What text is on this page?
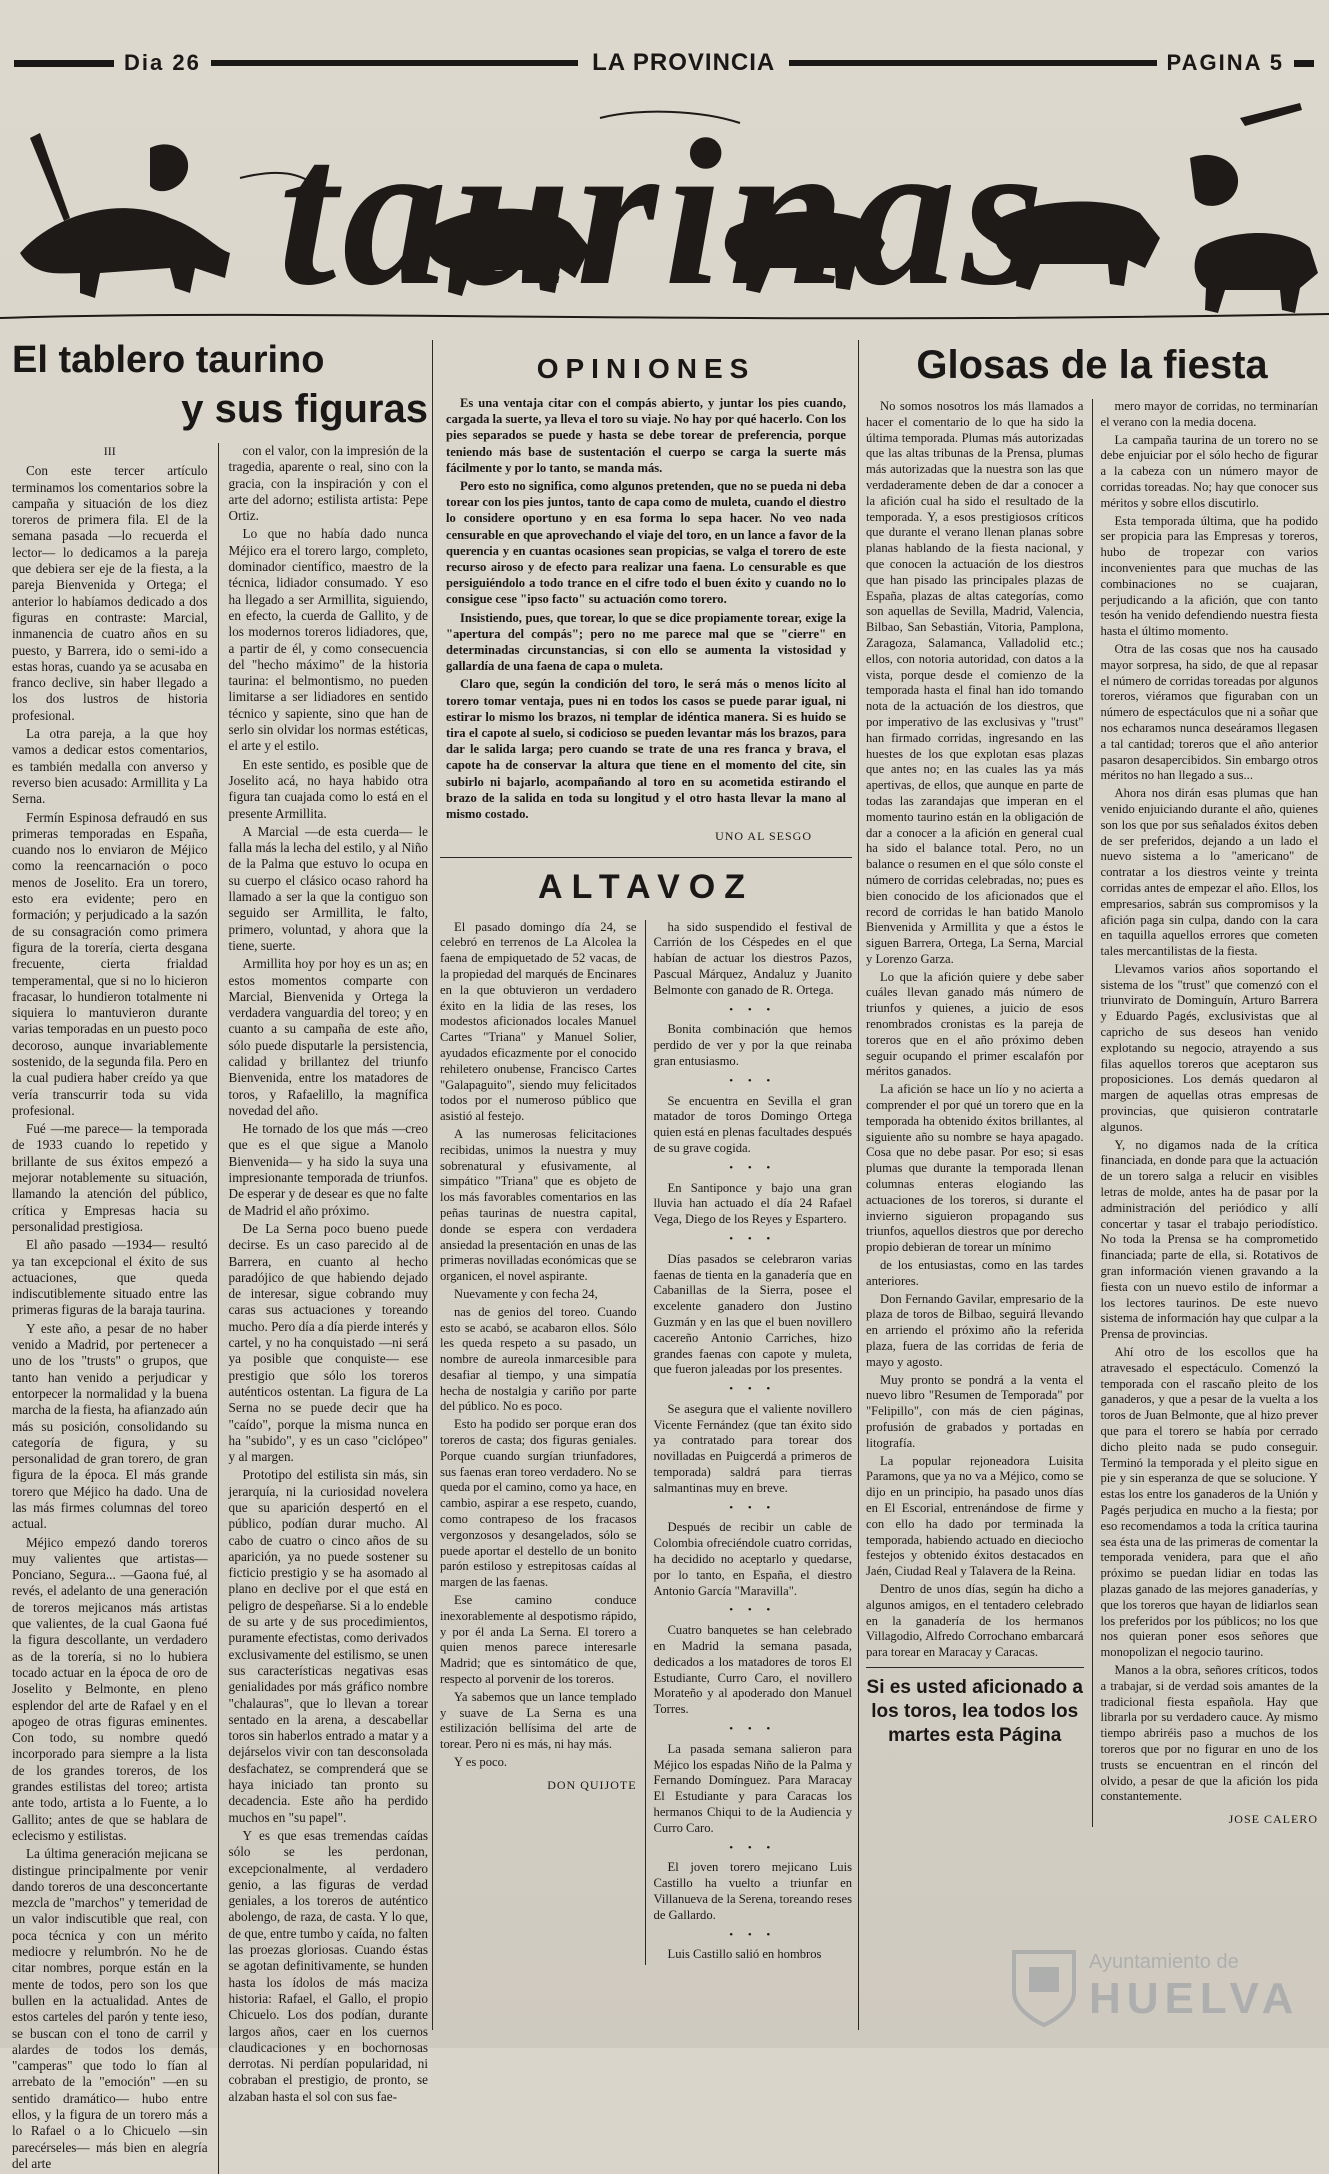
Dia 26	LA PROVINCIA	PAGINA 5
taurinas
El tablero taurino
y sus figuras
III

Con este tercer artículo terminamos los comentarios sobre la campaña y situación de los diez toreros de primera fila. El de la semana pasada —lo recuerda el lector— lo dedicamos a la pareja que debiera ser eje de la fiesta, a la pareja Bienvenida y Ortega; el anterior lo habíamos dedicado a dos figuras en contraste: Marcial, inmanencia de cuatro años en su puesto, y Barrera, ido o semi-ido a estas horas, cuando ya se acusaba en franco declive, sin haber llegado a los dos lustros de historia profesional.

La otra pareja, a la que hoy vamos a dedicar estos comentarios, es también medalla con anverso y reverso bien acusado: Armillita y La Serna.

Fermín Espinosa defraudó en sus primeras temporadas en España, cuando nos lo enviaron de Méjico como la reencarnación o poco menos de Joselito. Era un torero, esto era evidente; pero en formación; y perjudicado a la sazón de su consagración como primera figura de la torería, cierta desgana frecuente, cierta frialdad temperamental, que si no lo hicieron fracasar, lo hundieron totalmente ni siquiera lo mantuvieron durante varias temporadas en un puesto poco decoroso, aunque invariablemente sostenido, de la segunda fila. Pero en la cual pudiera haber creído ya que vería transcurrir toda su vida profesional.

Fué —me parece— la temporada de 1933 cuando lo repetido y brillante de sus éxitos empezó a mejorar notablemente su situación, llamando la atención del público, crítica y Empresas hacia su personalidad prestigiosa.

El año pasado —1934— resultó ya tan excepcional el éxito de sus actuaciones, que queda indiscutiblemente situado entre las primeras figuras de la baraja taurina.

Y este año, a pesar de no haber venido a Madrid, por pertenecer a uno de los "trusts" o grupos, que tanto han venido a perjudicar y entorpecer la normalidad y la buena marcha de la fiesta, ha afianzado aún más su posición, consolidando su categoría de figura, y su personalidad de gran torero, de gran figura de la época. El más grande torero que Méjico ha dado. Una de las más firmes columnas del toreo actual.

Méjico empezó dando toreros muy valientes que artistas—Ponciano, Segura... —Gaona fué, al revés, el adelanto de una generación de toreros mejicanos más artistas que valientes, de la cual Gaona fué la figura descollante, un verdadero as de la torería, si no lo hubiera tocado actuar en la época de oro de Joselito y Belmonte, en pleno esplendor del arte de Rafael y en el apogeo de otras figuras eminentes. Con todo, su nombre quedó incorporado para siempre a la lista de los grandes toreros, de los grandes estilistas del toreo; artista ante todo, artista a lo Fuente, a lo Gallito; antes de que se hablara de eclecismo y estilistas.

La última generación mejicana se distingue principalmente por venir dando toreros de una desconcertante mezcla de "marchos" y temeridad de un valor indiscutible que real, con poca técnica y con un mérito mediocre y relumbrón. No he de citar nombres, porque están en la mente de todos, pero son los que bullen en la actualidad. Antes de estos carteles del parón y tente ieso, se buscan con el tono de carril y alardes de todos los demás, "camperas" que todo lo fían al arrebato de la "emoción" —en su sentido dramático— hubo entre ellos, y la figura de un torero más a lo Rafael o a lo Chicuelo —sin parecérseles— más bien en alegría del arte

con el valor, con la impresión de la tragedia, aparente o real, sino con la gracia, con la inspiración y con el arte del adorno; estilista artista: Pepe Ortiz.

Lo que no había dado nunca Méjico era el torero largo, completo, dominador científico, maestro de la técnica, lidiador consumado. Y eso ha llegado a ser Armillita, siguiendo, en efecto, la cuerda de Gallito, y de los modernos toreros lidiadores, que, a partir de él, y como consecuencia del "hecho máximo" de la historia taurina: el belmontismo, no pueden limitarse a ser lidiadores en sentido técnico y sapiente, sino que han de serlo sin olvidar los normas estéticas, el arte y el estilo.

En este sentido, es posible que de Joselito acá, no haya habido otra figura tan cuajada como lo está en el presente Armillita.

A Marcial —de esta cuerda— le falla más la lecha del estilo, y al Niño de la Palma que estuvo lo ocupa en su cuerpo el clásico ocaso rahord ha llamado a ser la que la contiguo son seguido ser Armillita, le falto, primero, voluntad, y ahora que la tiene, suerte.

Armillita hoy por hoy es un as; en estos momentos comparte con Marcial, Bienvenida y Ortega la verdadera vanguardia del toreo; y en cuanto a su campaña de este año, sólo puede disputarle la persistencia, calidad y brillantez del triunfo Bienvenida, entre los matadores de toros, y Rafaelillo, la magnífica novedad del año.

He tornado de los que más —creo que es el que sigue a Manolo Bienvenida— y ha sido la suya una impresionante temporada de triunfos. De esperar y de desear es que no falte de Madrid el año próximo.

De La Serna poco bueno puede decirse. Es un caso parecido al de Barrera, en cuanto al hecho paradójico de que habiendo dejado de interesar, sigue cobrando muy caras sus actuaciones y toreando mucho. Pero día a día pierde interés y cartel, y no ha conquistado —ni será ya posible que conquiste— ese prestigio que sólo los toreros auténticos ostentan. La figura de La Serna no se puede decir que ha "caído", porque la misma nunca en ha "subido", y es un caso "ciclópeo" y al margen.

Prototipo del estilista sin más, sin jerarquía, ni la curiosidad novelera que su aparición despertó en el público, podían durar mucho. Al cabo de cuatro o cinco años de su aparición, ya no puede sostener su ficticio prestigio y se ha asomado al plano en declive por el que está en peligro de despeñarse. Si a lo endeble de su arte y de sus procedimientos, puramente efectistas, como derivados exclusivamente del estilismo, se unen sus características negativas esas genialidades por más gráfico nombre "chalauras", que lo llevan a torear sentado en la arena, a descabellar toros sin haberlos entrado a matar y a dejárselos vivir con tan desconsolada desfachatez, se comprenderá que se haya iniciado tan pronto su decadencia. Este año ha perdido muchos en "su papel".

Y es que esas tremendas caídas sólo se les perdonan, excepcionalmente, al verdadero genio, a las figuras de verdad geniales, a los toreros de auténtico abolengo, de raza, de casta. Y lo que, de que, entre tumbo y caída, no falten las proezas gloriosas. Cuando éstas se agotan definitivamente, se hunden hasta los ídolos de más maciza historia: Rafael, el Gallo, el propio Chicuelo. Los dos podían, durante largos años, caer en los cuernos claudicaciones y en bochornosas derrotas. Ni perdían popularidad, ni cobraban el prestigio, de pronto, se alzaban hasta el sol con sus fae-

OPINIONES

Es una ventaja citar con el compás abierto, y juntar los pies cuando, cargada la suerte, ya lleva el toro su viaje. No hay por qué hacerlo. Con los pies separados se puede y hasta se debe torear de preferencia, porque teniendo más base de sustentación el cuerpo se carga la suerte más fácilmente y por lo tanto, se manda más.

Pero esto no significa, como algunos pretenden, que no se pueda ni deba torear con los pies juntos, tanto de capa como de muleta, cuando el diestro lo considere oportuno y en esa forma lo sepa hacer. No veo nada censurable en que aprovechando el viaje del toro, en un lance a favor de la querencia y en cuantas ocasiones sean propicias, se valga el torero de este recurso airoso y de efecto para realizar una faena. Lo censurable es que persiguiéndolo a todo trance en el cifre todo el buen éxito y cuando no lo consigue cese "ipso facto" su actuación como torero.

Insistiendo, pues, que torear, lo que se dice propiamente torear, exige la "apertura del compás"; pero no me parece mal que se "cierre" en determinadas circunstancias, si con ello se aumenta la vistosidad y gallardía de una faena de capa o muleta.

Claro que, según la condición del toro, le será más o menos lícito al torero tomar ventaja, pues ni en todos los casos se puede parar igual, ni estirar lo mismo los brazos, ni templar de idéntica manera. Si es huido se tira el capote al suelo, si codicioso se pueden levantar más los brazos, para dar le salida larga; pero cuando se trate de una res franca y brava, el capote ha de conservar la altura que tiene en el momento del cite, sin subirlo ni bajarlo, acompañando al toro en su acometida estirando el brazo de la salida en toda su longitud y el otro hasta llevar la mano al mismo costado.

UNO AL SESGO
ALTAVOZ

El pasado domingo día 24, se celebró en terrenos de La Alcolea la faena de empiquetado de 52 vacas, de la propiedad del marqués de Encinares en la que obtuvieron un verdadero éxito en la lidia de las reses, los modestos aficionados locales Manuel Cartes "Triana" y Manuel Solier, ayudados eficazmente por el conocido rehiletero onubense, Francisco Cartes "Galapaguito", siendo muy felicitados todos por el numeroso público que asistió al festejo.

A las numerosas felicitaciones recibidas, unimos la nuestra y muy sobrenatural y efusivamente, al simpático "Triana" que es objeto de los más favorables comentarios en las peñas taurinas de nuestra capital, donde se espera con verdadera ansiedad la presentación en unas de las primeras novilladas económicas que se organicen, el novel aspirante.

Nuevamente y con fecha 24,

nas de genios del toreo. Cuando esto se acabó, se acabaron ellos. Sólo les queda respeto a su pasado, un nombre de aureola inmarcesible para desafiar al tiempo, y una simpatía hecha de nostalgia y cariño por parte del público. No es poco.

Esto ha podido ser porque eran dos toreros de casta; dos figuras geniales. Porque cuando surgían triunfadores, sus faenas eran toreo verdadero. No se queda por el camino, como ya hace, en cambio, aspirar a ese respeto, cuando, como contrapeso de los fracasos vergonzosos y desangelados, sólo se puede aportar el destello de un bonito parón estiloso y estrepitosas caídas al margen de las faenas.

Ese camino conduce inexorablemente al despotismo rápido, y por él anda La Serna. El torero a quien menos parece interesarle Madrid; que es sintomático de que, respecto al porvenir de los toreros.

Ya sabemos que un lance templado y suave de La Serna es una estilización bellísima del arte de torear. Pero ni es más, ni hay más.

Y es poco.

DON QUIJOTE

ha sido suspendido el festival de Carrión de los Céspedes en el que habían de actuar los diestros Pazos, Pascual Márquez, Andaluz y Juanito Belmonte con ganado de R. Ortega.

• • •

Bonita combinación que hemos perdido de ver y por la que reinaba gran entusiasmo.

• • •

Se encuentra en Sevilla el gran matador de toros Domingo Ortega quien está en plenas facultades después de su grave cogida.

• • •

En Santiponce y bajo una gran lluvia han actuado el día 24 Rafael Vega, Diego de los Reyes y Espartero.

• • •

Días pasados se celebraron varias faenas de tienta en la ganadería que en Cabanillas de la Sierra, posee el excelente ganadero don Justino Guzmán y en las que el buen novillero cacereño Antonio Carriches, hizo grandes faenas con capote y muleta, que fueron jaleadas por los presentes.

• • •

Se asegura que el valiente novillero Vicente Fernández (que tan éxito sido ya contratado para torear dos novilladas en Puigcerdá a primeros de temporada) saldrá para tierras salmantinas muy en breve.

• • •

Después de recibir un cable de Colombia ofreciéndole cuatro corridas, ha decidido no aceptarlo y quedarse, por lo tanto, en España, el diestro Antonio García "Maravilla".

• • •

Cuatro banquetes se han celebrado en Madrid la semana pasada, dedicados a los matadores de toros El Estudiante, Curro Caro, el novillero Morateño y al apoderado don Manuel Torres.

• • •

La pasada semana salieron para Méjico los espadas Niño de la Palma y Fernando Domínguez. Para Maracay El Estudiante y para Caracas los hermanos Chiqui to de la Audiencia y Curro Caro.

• • •

El joven torero mejicano Luis Castillo ha vuelto a triunfar en Villanueva de la Serena, toreando reses de Gallardo.

• • •

Luis Castillo salió en hombros

Glosas de la fiesta

No somos nosotros los más llamados a hacer el comentario de lo que ha sido la última temporada. Plumas más autorizadas que las altas tribunas de la Prensa, plumas más autorizadas que la nuestra son las que verdaderamente deben de dar a conocer a la afición cual ha sido el resultado de la temporada. Y, a esos prestigiosos críticos que durante el verano llenan planas sobre planas hablando de la fiesta nacional, y que conocen la actuación de los diestros que han pisado las principales plazas de España, plazas de altas categorías, como son aquellas de Sevilla, Madrid, Valencia, Bilbao, San Sebastián, Vitoria, Pamplona, Zaragoza, Salamanca, Valladolid etc.; ellos, con notoria autoridad, con datos a la vista, porque desde el comienzo de la temporada hasta el final han ido tomando nota de la actuación de los diestros, que por imperativo de las exclusivas y "trust" han firmado corridas, ingresando en las huestes de los que explotan esas plazas que antes no; en las cuales las ya más apertivas, de ellos, que aunque en parte de todas las zarandajas que imperan en el momento taurino están en la obligación de dar a conocer a la afición en general cual ha sido el balance total. Pero, no un balance o resumen en el que sólo conste el número de corridas celebradas, no; pues es bien conocido de los aficionados que el record de corridas le han batido Manolo Bienvenida y Armillita y que a éstos le siguen Barrera, Ortega, La Serna, Marcial y Lorenzo Garza.

Lo que la afición quiere y debe saber cuáles llevan ganado más número de triunfos y quienes, a juicio de esos renombrados cronistas es la pareja de toreros que en el año próximo deben seguir ocupando el primer escalafón por méritos ganados.

La afición se hace un lío y no acierta a comprender el por qué un torero que en la temporada ha obtenido éxitos brillantes, al siguiente año su nombre se haya apagado. Cosa que no debe pasar. Por eso; si esas plumas que durante la temporada llenan columnas enteras elogiando las actuaciones de los toreros, si durante el invierno siguieron propagando sus triunfos, aquellos diestros que por derecho propio debieran de torear un mínimo

de los entusiastas, como en las tardes anteriores.

Don Fernando Gavilar, empresario de la plaza de toros de Bilbao, seguirá llevando en arriendo el próximo año la referida plaza, fuera de las corridas de feria de mayo y agosto.

Muy pronto se pondrá a la venta el nuevo libro "Resumen de Temporada" por "Felipillo", con más de cien páginas, profusión de grabados y portadas en litografía.

La popular rejoneadora Luisita Paramons, que ya no va a Méjico, como se dijo en un principio, ha pasado unos días en El Escorial, entrenándose de firme y con ello ha dado por terminada la temporada, habiendo actuado en dieciocho festejos y obtenido éxitos destacados en Jaén, Ciudad Real y Talavera de la Reina.

Dentro de unos días, según ha dicho a algunos amigos, en el tentadero celebrado en la ganadería de los hermanos Villagodio, Alfredo Corrochano embarcará para torear en Maracay y Caracas.

Si es usted aficionado a los toros, lea todos los martes esta Página

mero mayor de corridas, no terminarían el verano con la media docena.

La campaña taurina de un torero no se debe enjuiciar por el sólo hecho de figurar a la cabeza con un número mayor de corridas toreadas. No; hay que conocer sus méritos y sobre ellos discutirlo.

Esta temporada última, que ha podido ser propicia para las Empresas y toreros, hubo de tropezar con varios inconvenientes para que muchas de las combinaciones no se cuajaran, perjudicando a la afición, que con tanto tesón ha venido defendiendo nuestra fiesta hasta el último momento.

Otra de las cosas que nos ha causado mayor sorpresa, ha sido, de que al repasar el número de corridas toreadas por algunos toreros, viéramos que figuraban con un número de espectáculos que ni a soñar que nos echaramos nunca deseáramos llegasen a tal cantidad; toreros que el año anterior pasaron desapercibidos. Sin embargo otros méritos no han llegado a sus...

Ahora nos dirán esas plumas que han venido enjuiciando durante el año, quienes son los que por sus señalados éxitos deben de ser preferidos, dejando a un lado el nuevo sistema a lo "americano" de contratar a los diestros veinte y treinta corridas antes de empezar el año. Ellos, los empresarios, sabrán sus compromisos y la afición paga sin culpa, dando con la cara en taquilla aquellos errores que cometen tales mercantilistas de la fiesta.

Llevamos varios años soportando el sistema de los "trust" que comenzó con el triunvirato de Dominguín, Arturo Barrera y Eduardo Pagés, exclusivistas que al capricho de sus deseos han venido explotando su negocio, atrayendo a sus filas aquellos toreros que aceptaron sus proposiciones. Los demás quedaron al margen de aquellas otras empresas de provincias, que quisieron contratarle algunos.

Y, no digamos nada de la crítica financiada, en donde para que la actuación de un torero salga a relucir en visibles letras de molde, antes ha de pasar por la administración del periódico y allí concertar y tasar el trabajo periodístico. No toda la Prensa se ha comprometido financiada; parte de ella, si. Rotativos de gran información vienen gravando a la fiesta con un nuevo estilo de informar a los lectores taurinos. De este nuevo sistema de información hay que culpar a la Prensa de provincias.

Ahí otro de los escollos que ha atravesado el espectáculo. Comenzó la temporada con el rascaño pleito de los ganaderos, y que a pesar de la vuelta a los toros de Juan Belmonte, que al hizo prever que para el torero se había por cerrado dicho pleito nada se pudo conseguir. Terminó la temporada y el pleito sigue en pie y sin esperanza de que se solucione. Y estas los entre los ganaderos de la Unión y Pagés perjudica en mucho a la fiesta; por eso recomendamos a toda la crítica taurina sea ésta una de las primeras de comentar la temporada venidera, para que el año próximo se puedan lidiar en todas las plazas ganado de las mejores ganaderías, y que los toreros que hayan de lidiarlos sean los preferidos por los públicos; no los que nos quieran poner esos señores que monopolizan el negocio taurino.

Manos a la obra, señores críticos, todos a trabajar, si de verdad sois amantes de la tradicional fiesta española. Hay que librarla por su verdadero cauce. Ay mismo tiempo abriréis paso a muchos de los toreros que por no figurar en uno de los trusts se encuentran en el rincón del olvido, a pesar de que la afición los pida constantemente.

JOSE CALERO
Ayuntamiento de
HUELVA
